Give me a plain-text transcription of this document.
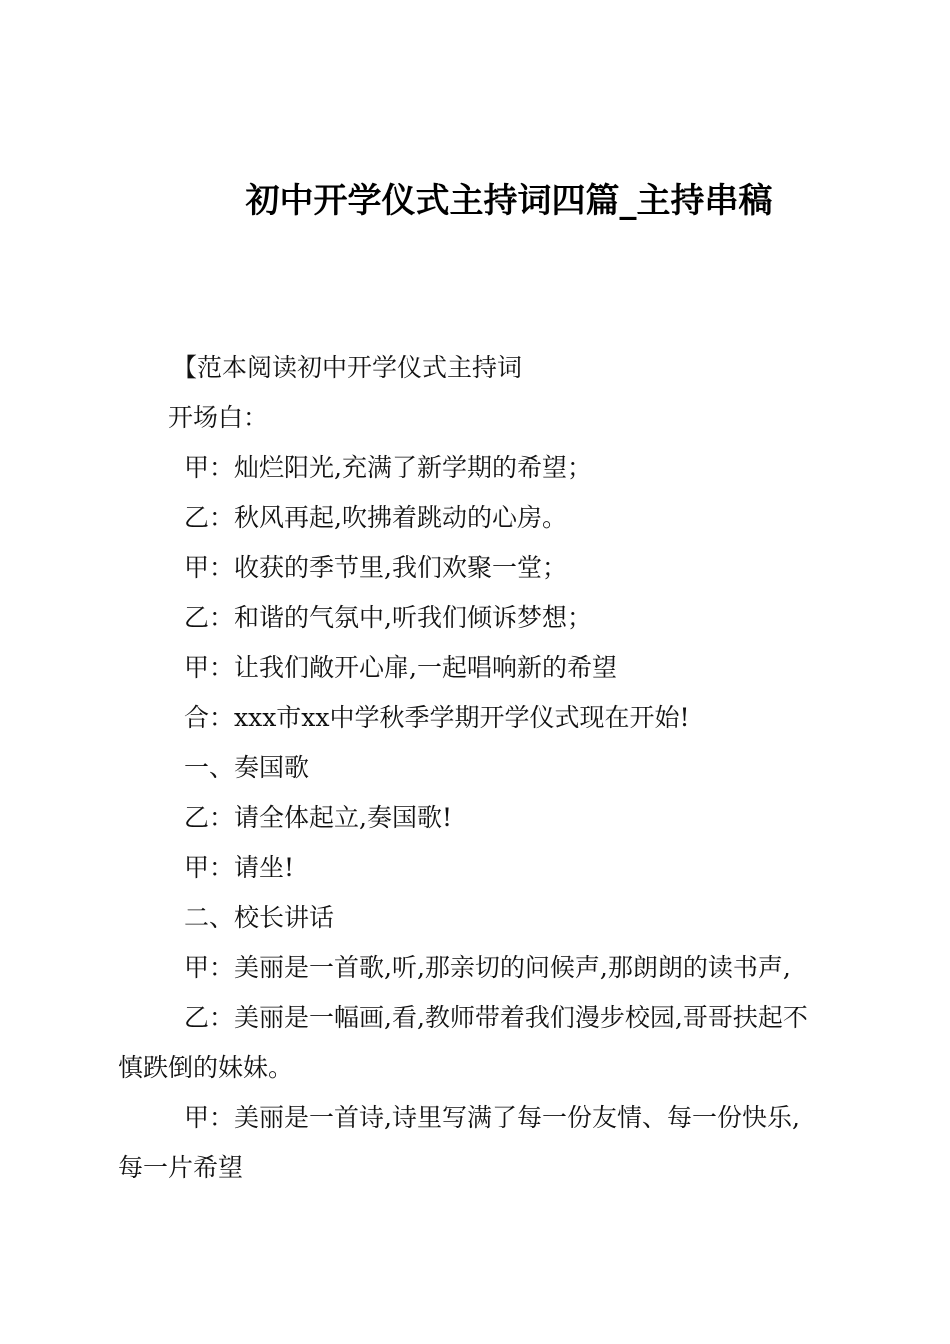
初中开学仪式主持词四篇_主持串稿
【范本阅读初中开学仪式主持词
开场白：
甲：灿烂阳光,充满了新学期的希望；
乙：秋风再起,吹拂着跳动的心房。
甲：收获的季节里,我们欢聚一堂；
乙：和谐的气氛中,听我们倾诉梦想；
甲：让我们敞开心扉,一起唱响新的希望
合：xxx市xx中学秋季学期开学仪式现在开始!
一、奏国歌
乙：请全体起立,奏国歌!
甲：请坐!
二、校长讲话
甲：美丽是一首歌,听,那亲切的问候声,那朗朗的读书声,
乙：美丽是一幅画,看,教师带着我们漫步校园,哥哥扶起不
慎跌倒的妹妹。
甲：美丽是一首诗,诗里写满了每一份友情、每一份快乐,
每一片希望
